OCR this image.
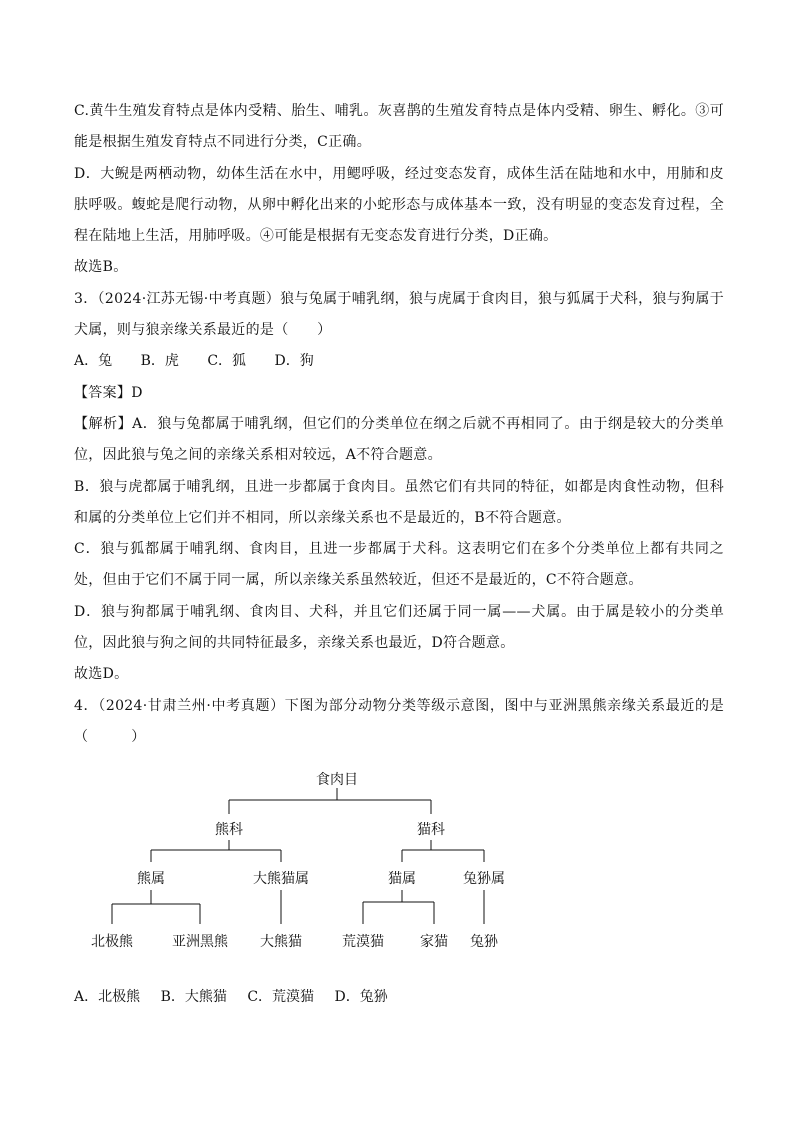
C.黄牛生殖发育特点是体内受精、胎生、哺乳。灰喜鹊的生殖发育特点是体内受精、卵生、孵化。③可能是根据生殖发育特点不同进行分类，C正确。

D．大鲵是两栖动物，幼体生活在水中，用鳃呼吸，经过变态发育，成体生活在陆地和水中，用肺和皮肤呼吸。蝮蛇是爬行动物，从卵中孵化出来的小蛇形态与成体基本一致，没有明显的变态发育过程，全程在陆地上生活，用肺呼吸。④可能是根据有无变态发育进行分类，D正确。

故选B。

3．（2024·江苏无锡·中考真题）狼与兔属于哺乳纲，狼与虎属于食肉目，狼与狐属于犬科，狼与狗属于犬属，则与狼亲缘关系最近的是（　　）

A．兔 B．虎 C．狐 D．狗

【答案】D

【解析】A．狼与兔都属于哺乳纲，但它们的分类单位在纲之后就不再相同了。由于纲是较大的分类单位，因此狼与兔之间的亲缘关系相对较远，A不符合题意。

B．狼与虎都属于哺乳纲，且进一步都属于食肉目。虽然它们有共同的特征，如都是肉食性动物，但科和属的分类单位上它们并不相同，所以亲缘关系也不是最近的，B不符合题意。

C．狼与狐都属于哺乳纲、食肉目，且进一步都属于犬科。这表明它们在多个分类单位上都有共同之处，但由于它们不属于同一属，所以亲缘关系虽然较近，但还不是最近的，C不符合题意。

D．狼与狗都属于哺乳纲、食肉目、犬科，并且它们还属于同一属——犬属。由于属是较小的分类单位，因此狼与狗之间的共同特征最多，亲缘关系也最近，D符合题意。

故选D。

4．（2024·甘肃兰州·中考真题）下图为部分动物分类等级示意图，图中与亚洲黑熊亲缘关系最近的是（　　　）

食肉目
熊科	猫科
熊属	大熊猫属	猫属	兔狲属
北极熊	亚洲黑熊 大熊猫	荒漠猫	家猫 兔狲

A．北极熊 B．大熊猫 C．荒漠猫 D．兔狲
